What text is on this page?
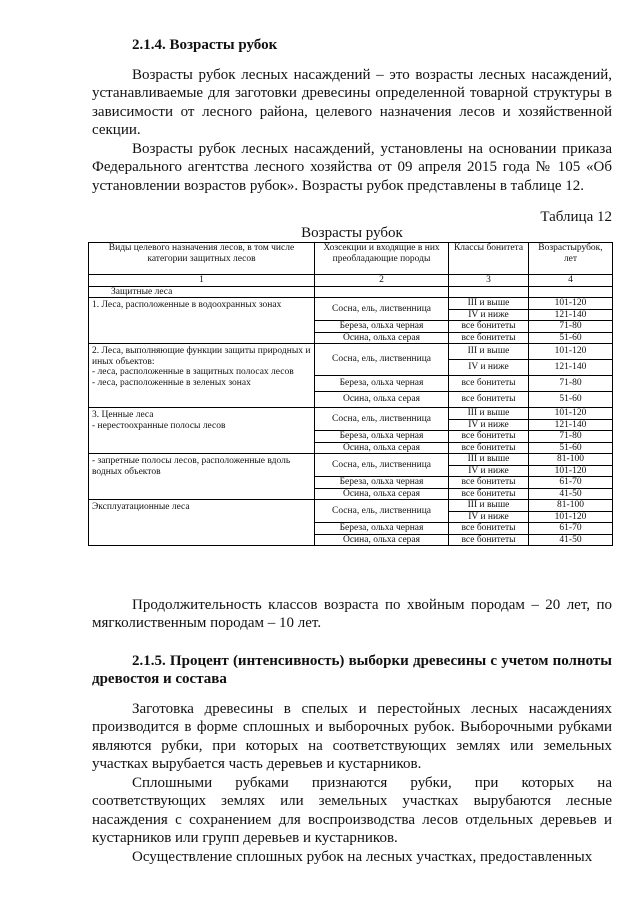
2.1.4. Возрасты рубок

Возрасты рубок лесных насаждений – это возрасты лесных насаждений, устанавливаемые для заготовки древесины определенной товарной структуры в зависимости от лесного района, целевого назначения лесов и хозяйственной секции.

Возрасты рубок лесных насаждений, установлены на основании приказа Федерального агентства лесного хозяйства от 09 апреля 2015 года № 105 «Об установлении возрастов рубок». Возрасты рубок представлены в таблице 12.

Таблица 12
Возрасты рубок
Виды целевого назначения лесов, в том числе категории защитных лесов	Хозсекции и входящие в них преобладающие породы	Классы бонитета	Возрастырубок, лет
1	2	3	4
Защитные леса			
1. Леса, расположенные в водоохранных зонах	Сосна, ель, лиственница	III и выше	101-120
		IV и ниже	121-140
	Береза, ольха черная	все бонитеты	71-80
	Осина, ольха серая	все бонитеты	51-60
2. Леса, выполняющие функции защиты природных и иных объектов:
- леса, расположенные в защитных полосах лесов
- леса, расположенные в зеленых зонах	Сосна, ель, лиственница	III и выше	101-120
		IV и ниже	121-140
	Береза, ольха черная	все бонитеты	71-80
	Осина, ольха серая	все бонитеты	51-60
3. Ценные леса
- нерестоохранные полосы лесов	Сосна, ель, лиственница	III и выше	101-120
		IV и ниже	121-140
	Береза, ольха черная	все бонитеты	71-80
	Осина, ольха серая	все бонитеты	51-60
- запретные полосы лесов, расположенные вдоль водных объектов	Сосна, ель, лиственница	III и выше	81-100
		IV и ниже	101-120
	Береза, ольха черная	все бонитеты	61-70
	Осина, ольха серая	все бонитеты	41-50
Эксплуатационные леса	Сосна, ель, лиственница	III и выше	81-100
		IV и ниже	101-120
	Береза, ольха черная	все бонитеты	61-70
	Осина, ольха серая	все бонитеты	41-50

Продолжительность классов возраста по хвойным породам – 20 лет, по мягколиственным породам – 10 лет.

2.1.5. Процент (интенсивность) выборки древесины с учетом полноты древостоя и состава

Заготовка древесины в спелых и перестойных лесных насаждениях производится в форме сплошных и выборочных рубок. Выборочными рубками являются рубки, при которых на соответствующих землях или земельных участках вырубается часть деревьев и кустарников.

Сплошными рубками признаются рубки, при которых на соответствующих землях или земельных участках вырубаются лесные насаждения с сохранением для воспроизводства лесов отдельных деревьев и кустарников или групп деревьев и кустарников.

Осуществление сплошных рубок на лесных участках, предоставленных
